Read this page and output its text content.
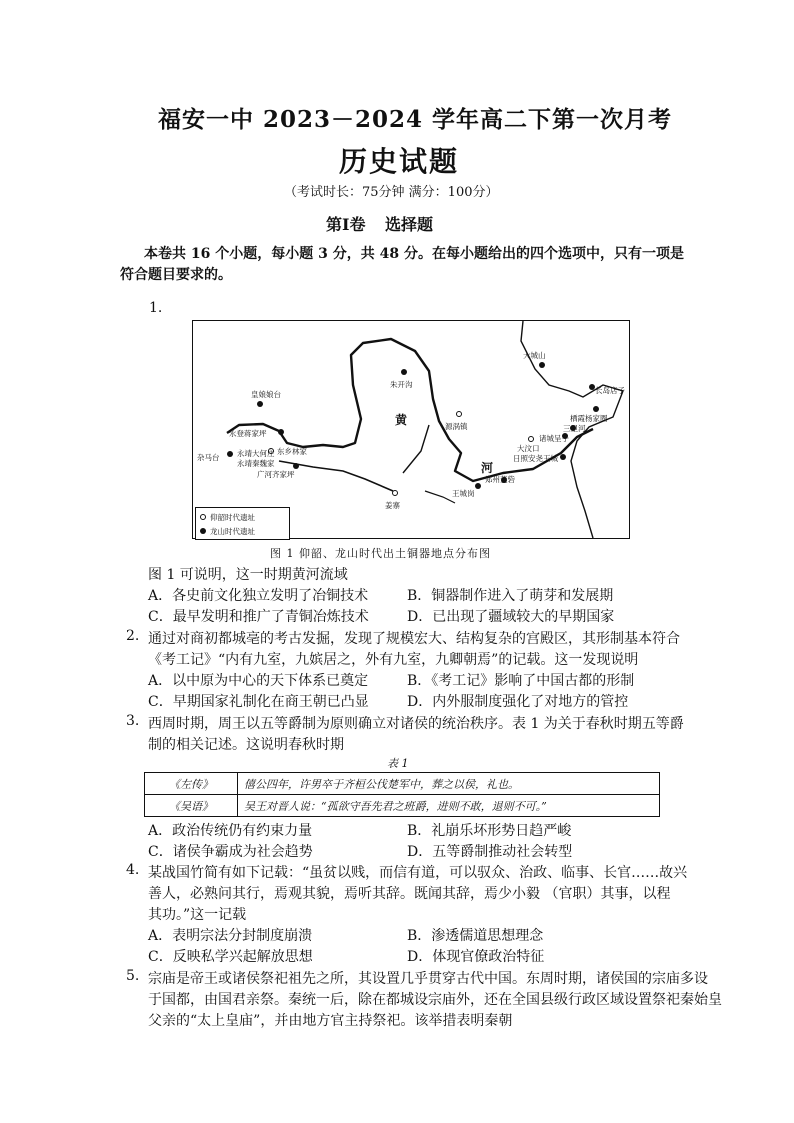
福安一中 2023－2024 学年高二下第一次月考
历史试题
（考试时长：75分钟 满分：100分）
第Ⅰ卷 选择题
本卷共 16 个小题，每小题 3 分，共 48 分。在每小题给出的四个选项中，只有一项是
符合题目要求的。
1.
皇娘娘台
永登蒋家坪
杂马台 永靖大何庄
永靖秦魏家
广河齐家坪
东乡林家
朱开沟
源涡镇
姜寨
王城岗
郑州董砦
大城山
长岛店子
栖霞杨家圈
三里河
诸城呈子
大汶口
日照安尧王城
黄
河
仰韶时代遗址
龙山时代遗址
图 1 仰韶、龙山时代出土铜器地点分布图
图 1 可说明，这一时期黄河流域
A．各史前文化独立发明了冶铜技术	B．铜器制作进入了萌芽和发展期
C．最早发明和推广了青铜冶炼技术	D．已出现了疆域较大的早期国家
2. 通过对商初都城亳的考古发掘，发现了规模宏大、结构复杂的宫殿区，其形制基本符合
《考工记》“内有九室，九嫔居之，外有九室，九卿朝焉”的记载。这一发现说明
A．以中原为中心的天下体系已奠定	B．《考工记》影响了中国古都的形制
C．早期国家礼制化在商王朝已凸显	D．内外服制度强化了对地方的管控
3. 西周时期，周王以五等爵制为原则确立对诸侯的统治秩序。表 1 为关于春秋时期五等爵
制的相关记述。这说明春秋时期
表 1
《左传》	僖公四年，许男卒于齐桓公伐楚军中，葬之以侯，礼也。
《吴语》	吴王对晋人说：“孤欲守吾先君之班爵，进则不敢，退则不可。”
A．政治传统仍有约束力量	B．礼崩乐坏形势日趋严峻
C．诸侯争霸成为社会趋势	D．五等爵制推动社会转型
4. 某战国竹简有如下记载：“虽贫以贱，而信有道，可以驭众、治政、临事、长官……故兴
善人，必熟问其行，焉观其貌，焉听其辞。既闻其辞，焉少小毅 （官职）其事，以程
其功。”这一记载
A．表明宗法分封制度崩溃	B．渗透儒道思想理念
C．反映私学兴起解放思想	D．体现官僚政治特征
5. 宗庙是帝王或诸侯祭祀祖先之所，其设置几乎贯穿古代中国。东周时期，诸侯国的宗庙多设
于国都，由国君亲祭。秦统一后，除在都城设宗庙外，还在全国县级行政区域设置祭祀秦始皇
父亲的“太上皇庙”，并由地方官主持祭祀。该举措表明秦朝
